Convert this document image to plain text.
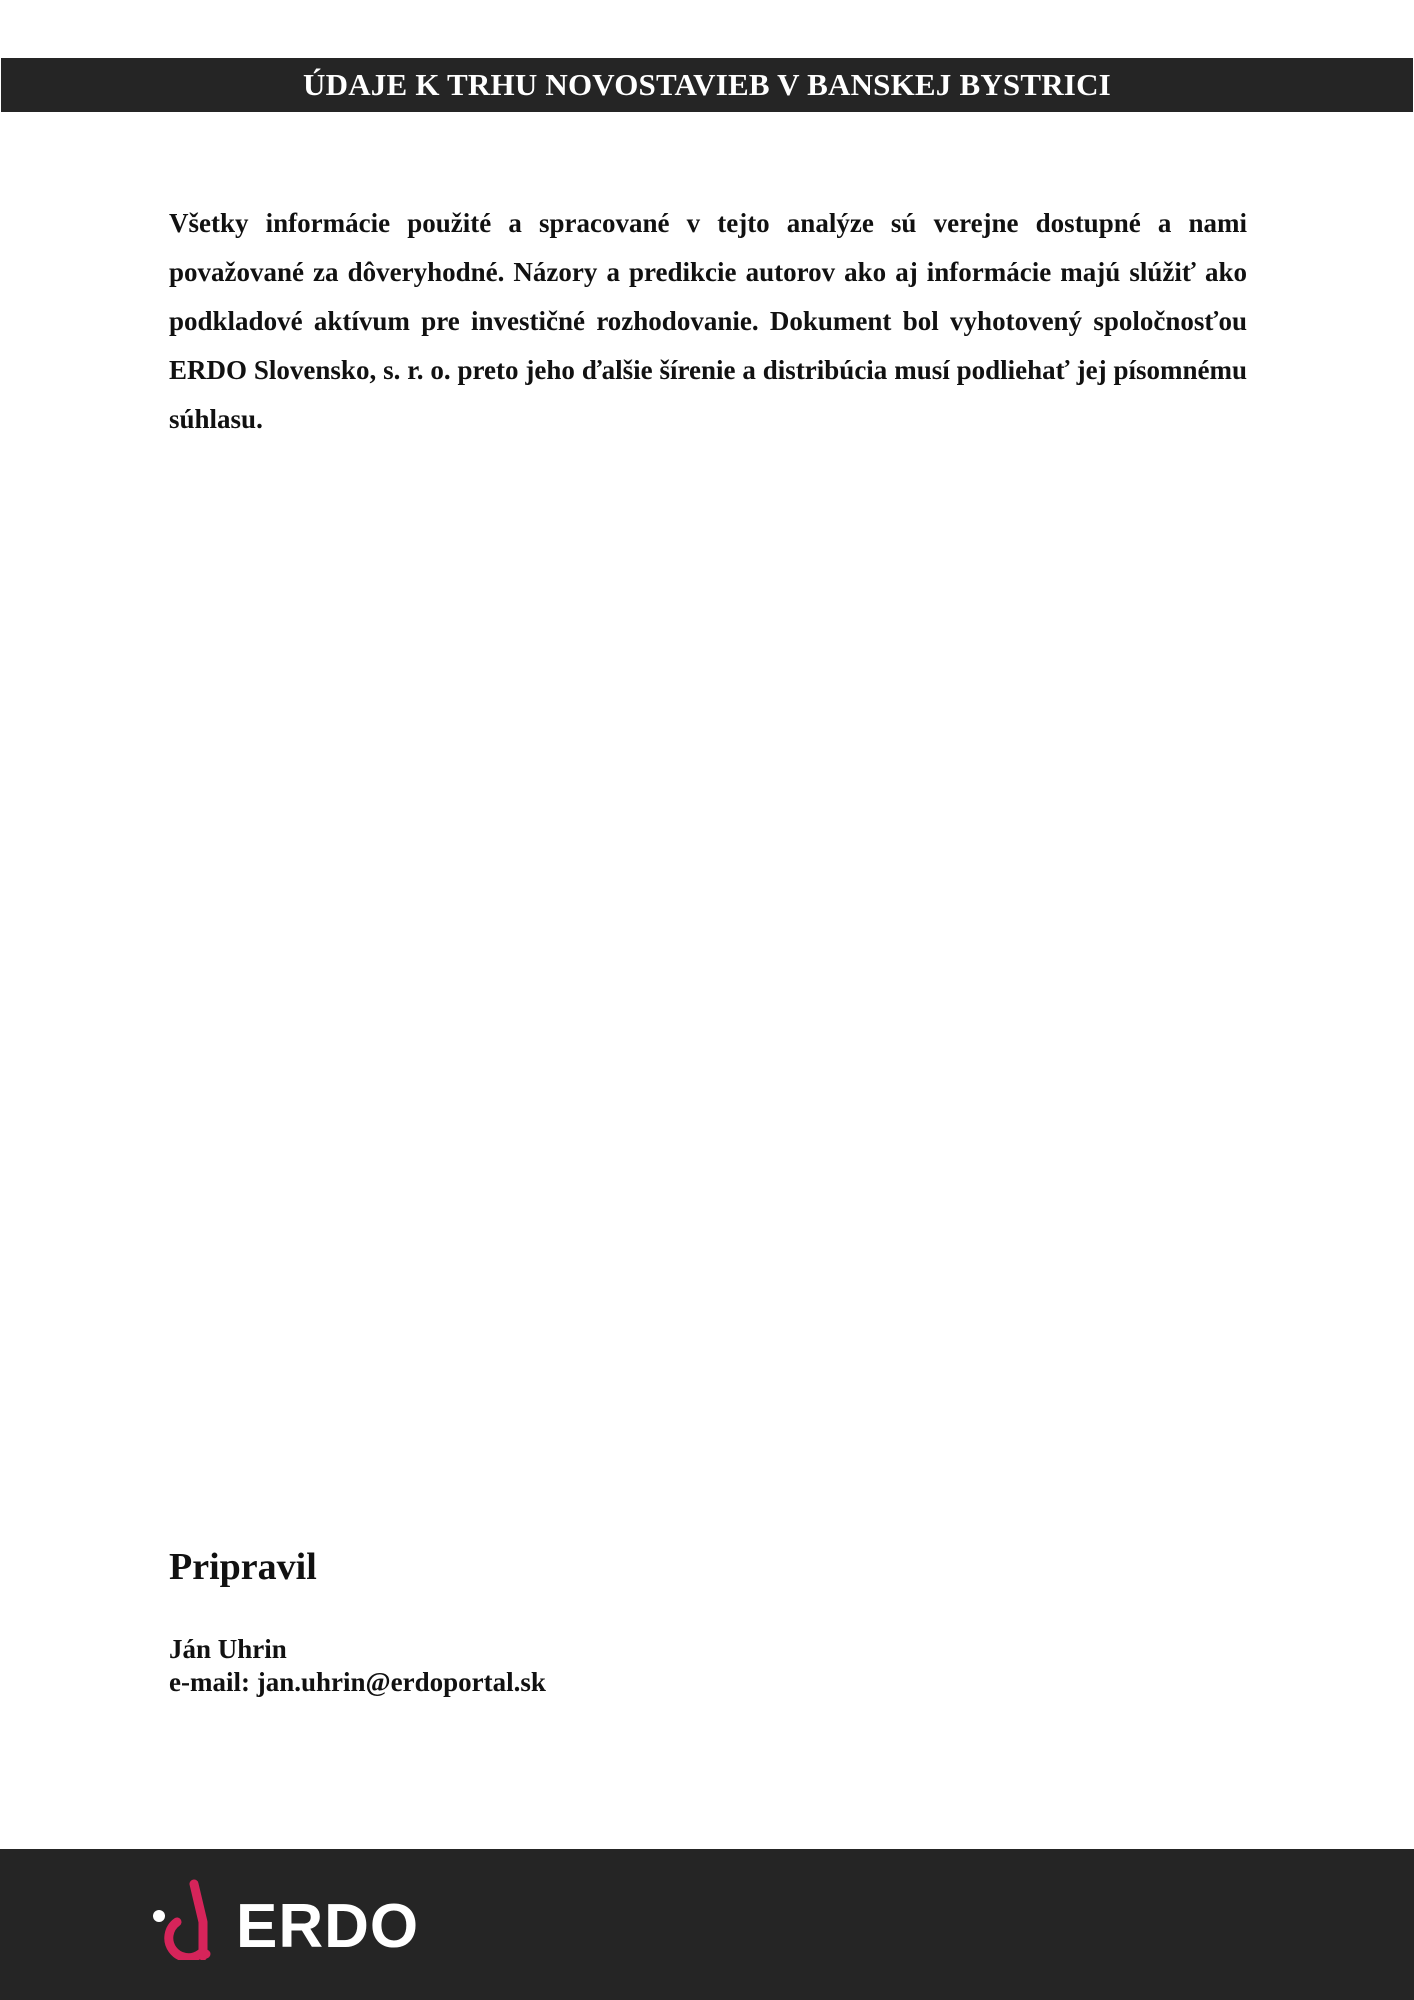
ÚDAJE K TRHU NOVOSTAVIEB V BANSKEJ BYSTRICI

Všetky informácie použité a spracované v tejto analýze sú verejne dostupné a nami považované za dôveryhodné. Názory a predikcie autorov ako aj informácie majú slúžiť ako podkladové aktívum pre investičné rozhodovanie. Dokument bol vyhotovený spoločnosťou ERDO Slovensko, s. r. o. preto jeho ďalšie šírenie a distribúcia musí podliehať jej písomnému súhlasu.

Pripravil
Ján Uhrin
e-mail: jan.uhrin@erdoportal.sk
ERDO
